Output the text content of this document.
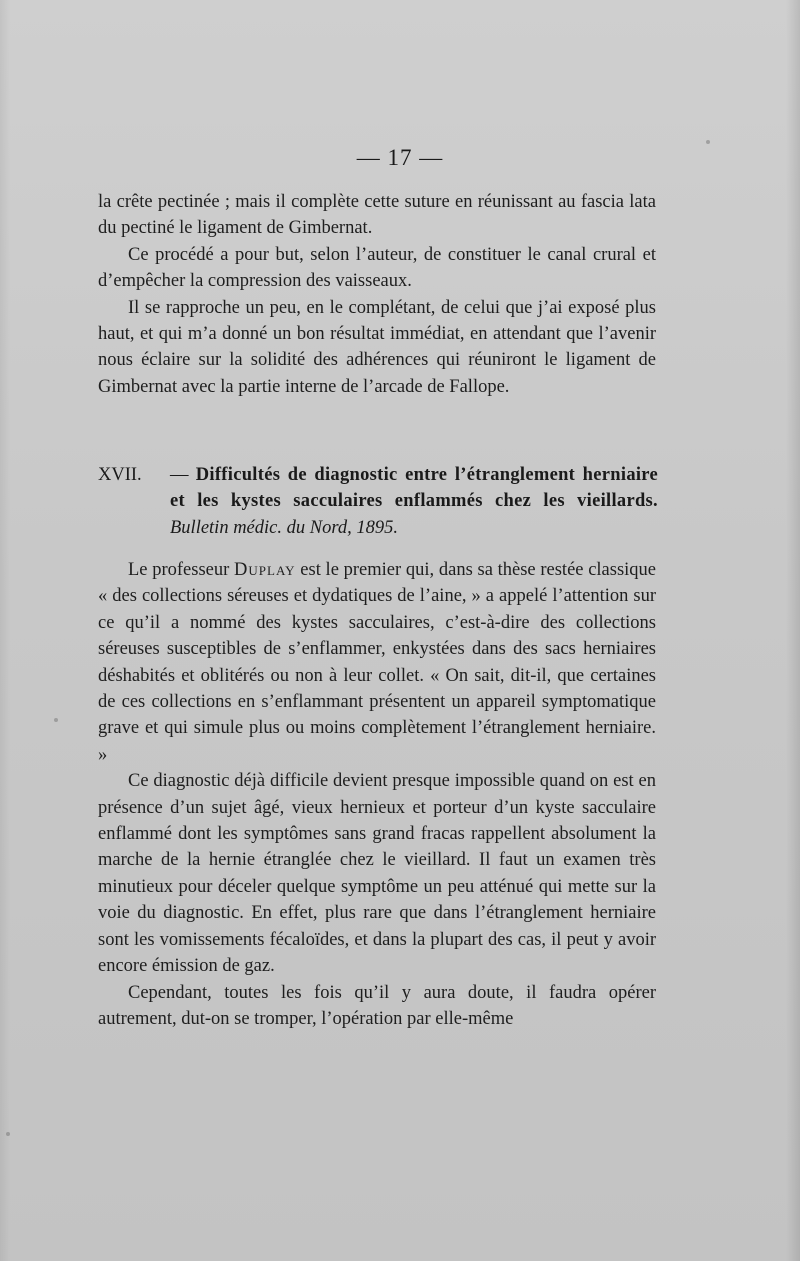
— 17 —

la crête pectinée ; mais il complète cette suture en réunissant au fascia lata du pectiné le ligament de Gimbernat.

Ce procédé a pour but, selon l’auteur, de constituer le canal crural et d’empêcher la compression des vaisseaux.

Il se rapproche un peu, en le complétant, de celui que j’ai exposé plus haut, et qui m’a donné un bon résultat immédiat, en attendant que l’avenir nous éclaire sur la solidité des adhérences qui réuniront le ligament de Gimbernat avec la partie interne de l’arcade de Fallope.

XVII. — Difficultés de diagnostic entre l’étranglement herniaire et les kystes sacculaires enflammés chez les vieillards. Bulletin médic. du Nord, 1895.

Le professeur Duplay est le premier qui, dans sa thèse restée classique « des collections séreuses et dydatiques de l’aine, » a appelé l’attention sur ce qu’il a nommé des kystes sacculaires, c’est-à-dire des collections séreuses susceptibles de s’enflammer, enkystées dans des sacs herniaires déshabités et oblitérés ou non à leur collet. « On sait, dit-il, que certaines de ces collections en s’enflammant présentent un appareil symptomatique grave et qui simule plus ou moins complètement l’étranglement herniaire. »

Ce diagnostic déjà difficile devient presque impossible quand on est en présence d’un sujet âgé, vieux hernieux et porteur d’un kyste sacculaire enflammé dont les symptômes sans grand fracas rappellent absolument la marche de la hernie étranglée chez le vieillard. Il faut un examen très minutieux pour déceler quelque symptôme un peu atténué qui mette sur la voie du diagnostic. En effet, plus rare que dans l’étranglement herniaire sont les vomissements fécaloïdes, et dans la plupart des cas, il peut y avoir encore émission de gaz.

Cependant, toutes les fois qu’il y aura doute, il faudra opérer autrement, dut-on se tromper, l’opération par elle-même
